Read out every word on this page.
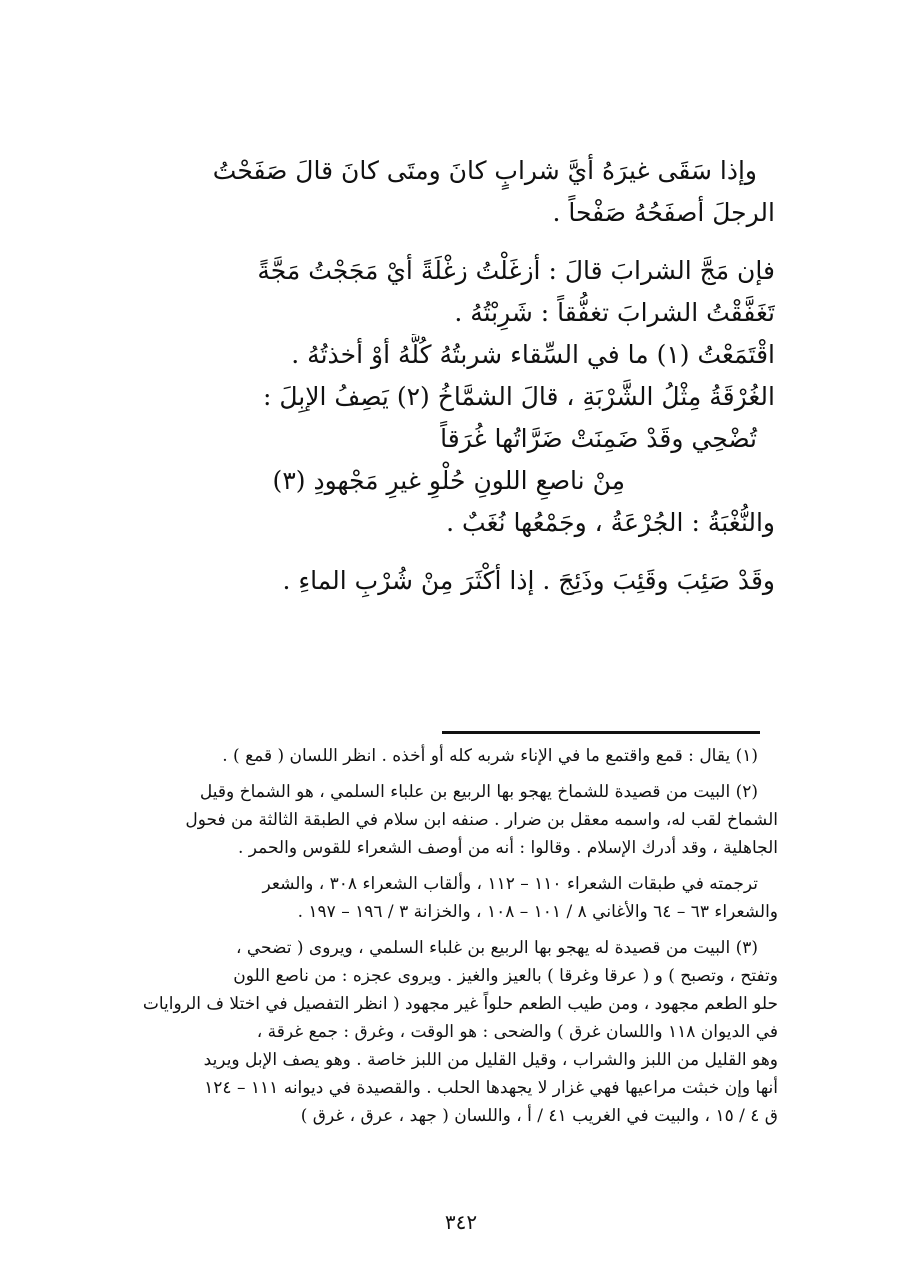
وإذا سَقَى غيرَهُ أيَّ شرابٍ كانَ ومتَى كانَ قالَ صَفَحْتُ
الرجلَ أصفَحُهُ صَفْحاً .
فإن مَجَّ الشرابَ قالَ : أزغَلْتُ زغْلَةً أيْ مَجَجْتُ مَجَّةً
تَغَفَّقْتُ الشرابَ تغفُّقاً : شَرِبْتُهُ .
اقْتَمَعْتُ (١) ما في السِّقاء شربتُهُ كُلَّهُ أوْ أخذتُهُ .
الغُرْقَةُ مِثْلُ الشَّرْبَةِ ، قالَ الشمَّاخُ (٢) يَصِفُ الإبِلَ :
تُضْحِي وقَدْ ضَمِنَتْ ضَرَّاتُها غُرَقاً
مِنْ ناصعِ اللونِ حُلْوِ غيرِ مَجْهودِ (٣)
والنُّغْبَةُ : الجُرْعَةُ ، وجَمْعُها نُغَبٌ .
وقَدْ صَئِبَ وقَئِبَ وذَئِجَ . إذا أكْثَرَ مِنْ شُرْبِ الماءِ .
(١) يقال : قمع واقتمع ما في الإناء شربه كله أو أخذه . انظر اللسان ( قمع ) .
(٢) البيت من قصيدة للشماخ يهجو بها الربيع بن علباء السلمي ، هو الشماخ وقيل
الشماخ لقب له، واسمه معقل بن ضرار . صنفه ابن سلام في الطبقة الثالثة من فحول
الجاهلية ، وقد أدرك الإسلام . وقالوا : أنه من أوصف الشعراء للقوس والحمر .
ترجمته في طبقات الشعراء ١١٠ – ١١٢ ، وألقاب الشعراء ٣٠٨ ، والشعر
والشعراء ٦٣ – ٦٤ والأغاني ٨ / ١٠١ – ١٠٨ ، والخزانة ٣ / ١٩٦ – ١٩٧ .
(٣) البيت من قصيدة له يهجو بها الربيع بن غلباء السلمي ، ويروى ( تضحي ،
وتفتح ، وتصبح ) و ( عرقا وغرقا ) بالعيز والغيز . ويروى عجزه : من ناصع اللون
حلو الطعم مجهود ، ومن طيب الطعم حلواً غير مجهود ( انظر التفصيل في اختلا ف الروايات
في الديوان ١١٨ واللسان غرق ) والضحى : هو الوقت ، وغرق : جمع غرقة ،
وهو القليل من اللبز والشراب ، وقيل القليل من اللبز خاصة . وهو يصف الإبل ويريد
أنها وإن خبثت مراعيها فهي غزار لا يجهدها الحلب . والقصيدة في ديوانه ١١١ – ١٢٤
ق ٤ / ١٥ ، والبيت في الغريب ٤١ / أ ، واللسان ( جهد ، عرق ، غرق )
٣٤٢
